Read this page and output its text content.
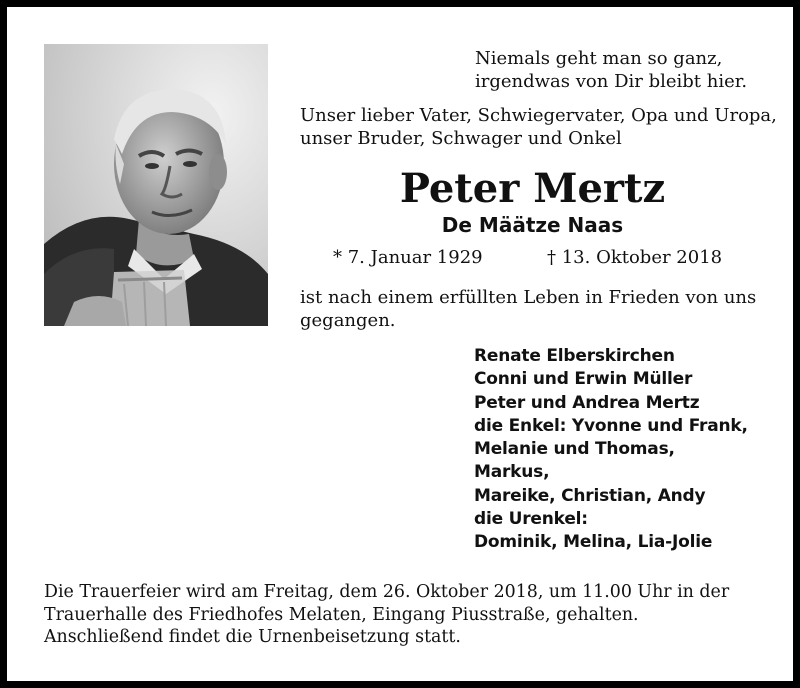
Niemals geht man so ganz,
irgendwas von Dir bleibt hier.
Unser lieber Vater, Schwiegervater, Opa und Uropa,
unser Bruder, Schwager und Onkel
Peter Mertz
De Määtze Naas
* 7. Januar 1929	† 13. Oktober 2018
ist nach einem erfüllten Leben in Frieden von uns
gegangen.
Renate Elberskirchen
Conni und Erwin Müller
Peter und Andrea Mertz
die Enkel: Yvonne und Frank,
Melanie und Thomas,
Markus,
Mareike, Christian, Andy
die Urenkel:
Dominik, Melina, Lia-Jolie
Die Trauerfeier wird am Freitag, dem 26. Oktober 2018, um 11.00 Uhr in der
Trauerhalle des Friedhofes Melaten, Eingang Piusstraße, gehalten.
Anschließend findet die Urnenbeisetzung statt.
